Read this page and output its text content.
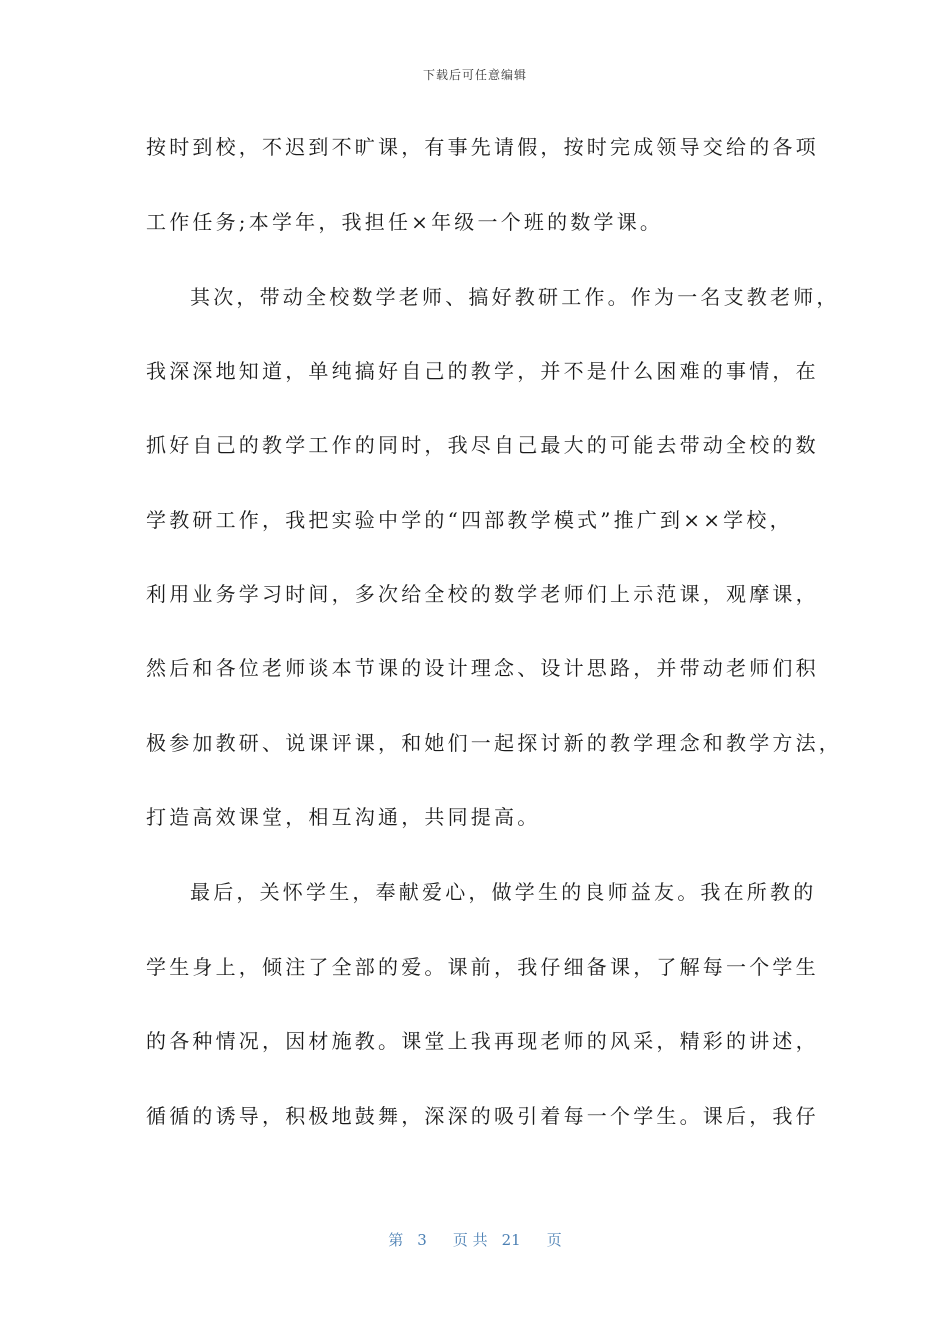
下载后可任意编辑
按时到校，不迟到不旷课，有事先请假，按时完成领导交给的各项
工作任务;本学年，我担任×年级一个班的数学课。
其次，带动全校数学老师、搞好教研工作。作为一名支教老师，
我深深地知道，单纯搞好自己的教学，并不是什么困难的事情，在
抓好自己的教学工作的同时，我尽自己最大的可能去带动全校的数
学教研工作，我把实验中学的“四部教学模式”推广到××学校，
利用业务学习时间，多次给全校的数学老师们上示范课，观摩课，
然后和各位老师谈本节课的设计理念、设计思路，并带动老师们积
极参加教研、说课评课，和她们一起探讨新的教学理念和教学方法，
打造高效课堂，相互沟通，共同提高。
最后，关怀学生，奉献爱心，做学生的良师益友。我在所教的
学生身上，倾注了全部的爱。课前，我仔细备课，了解每一个学生
的各种情况，因材施教。课堂上我再现老师的风采，精彩的讲述，
循循的诱导，积极地鼓舞，深深的吸引着每一个学生。课后，我仔
第 3 页 共 21 页
